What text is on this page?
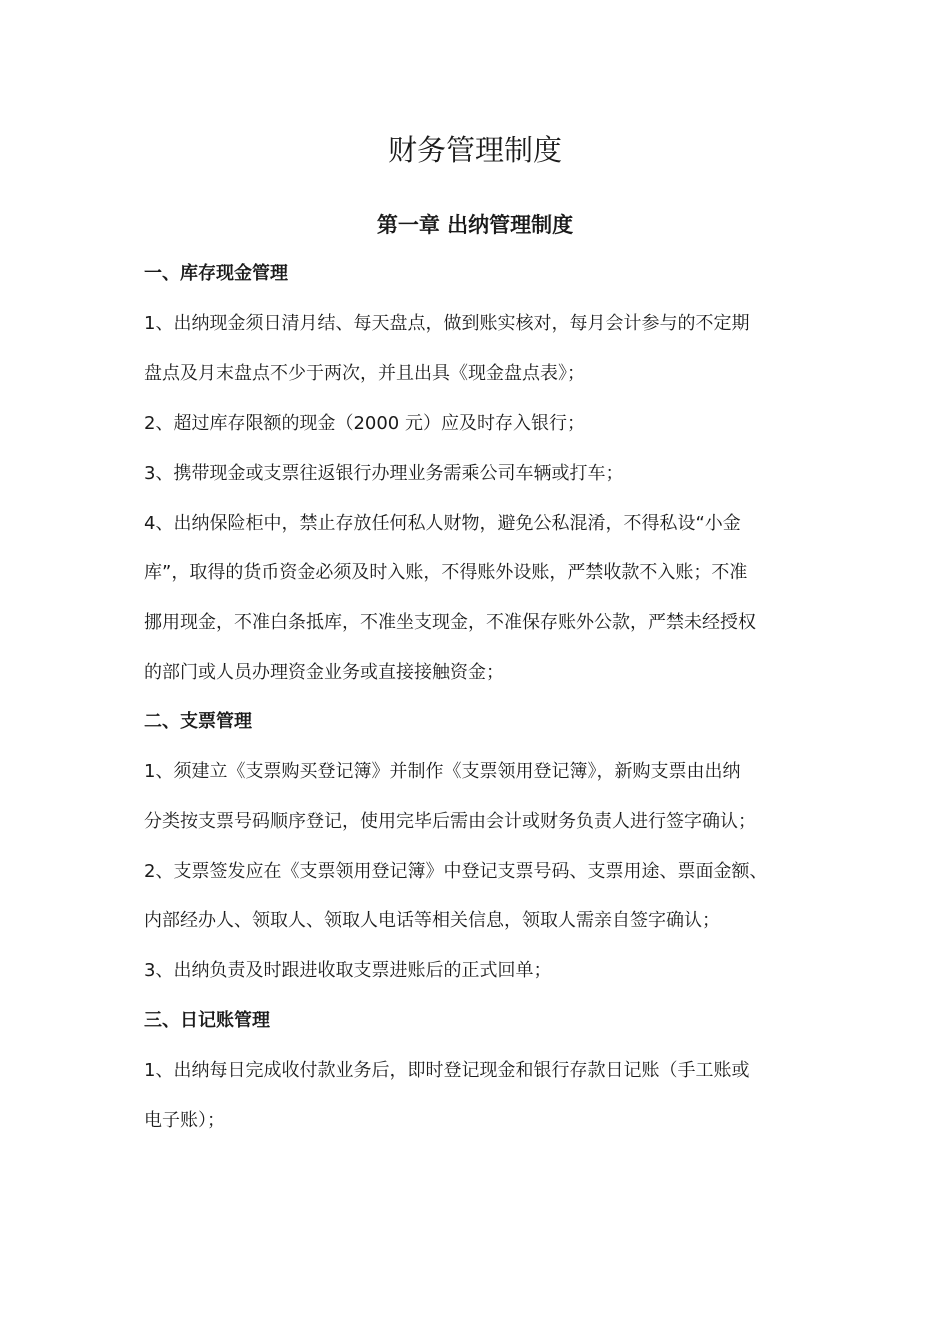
财务管理制度
第一章 出纳管理制度
一、库存现金管理
1、出纳现金须日清月结、每天盘点，做到账实核对，每月会计参与的不定期
盘点及月末盘点不少于两次，并且出具《现金盘点表》；
2、超过库存限额的现金（2000 元）应及时存入银行；
3、携带现金或支票往返银行办理业务需乘公司车辆或打车；
4、出纳保险柜中，禁止存放任何私人财物，避免公私混淆，不得私设“小金
库”，取得的货币资金必须及时入账，不得账外设账，严禁收款不入账；不准
挪用现金，不准白条抵库，不准坐支现金，不准保存账外公款，严禁未经授权
的部门或人员办理资金业务或直接接触资金；
二、支票管理
1、须建立《支票购买登记簿》并制作《支票领用登记簿》，新购支票由出纳
分类按支票号码顺序登记，使用完毕后需由会计或财务负责人进行签字确认；
2、支票签发应在《支票领用登记簿》中登记支票号码、支票用途、票面金额、
内部经办人、领取人、领取人电话等相关信息，领取人需亲自签字确认；
3、出纳负责及时跟进收取支票进账后的正式回单；
三、日记账管理
1、出纳每日完成收付款业务后，即时登记现金和银行存款日记账（手工账或
电子账）；
